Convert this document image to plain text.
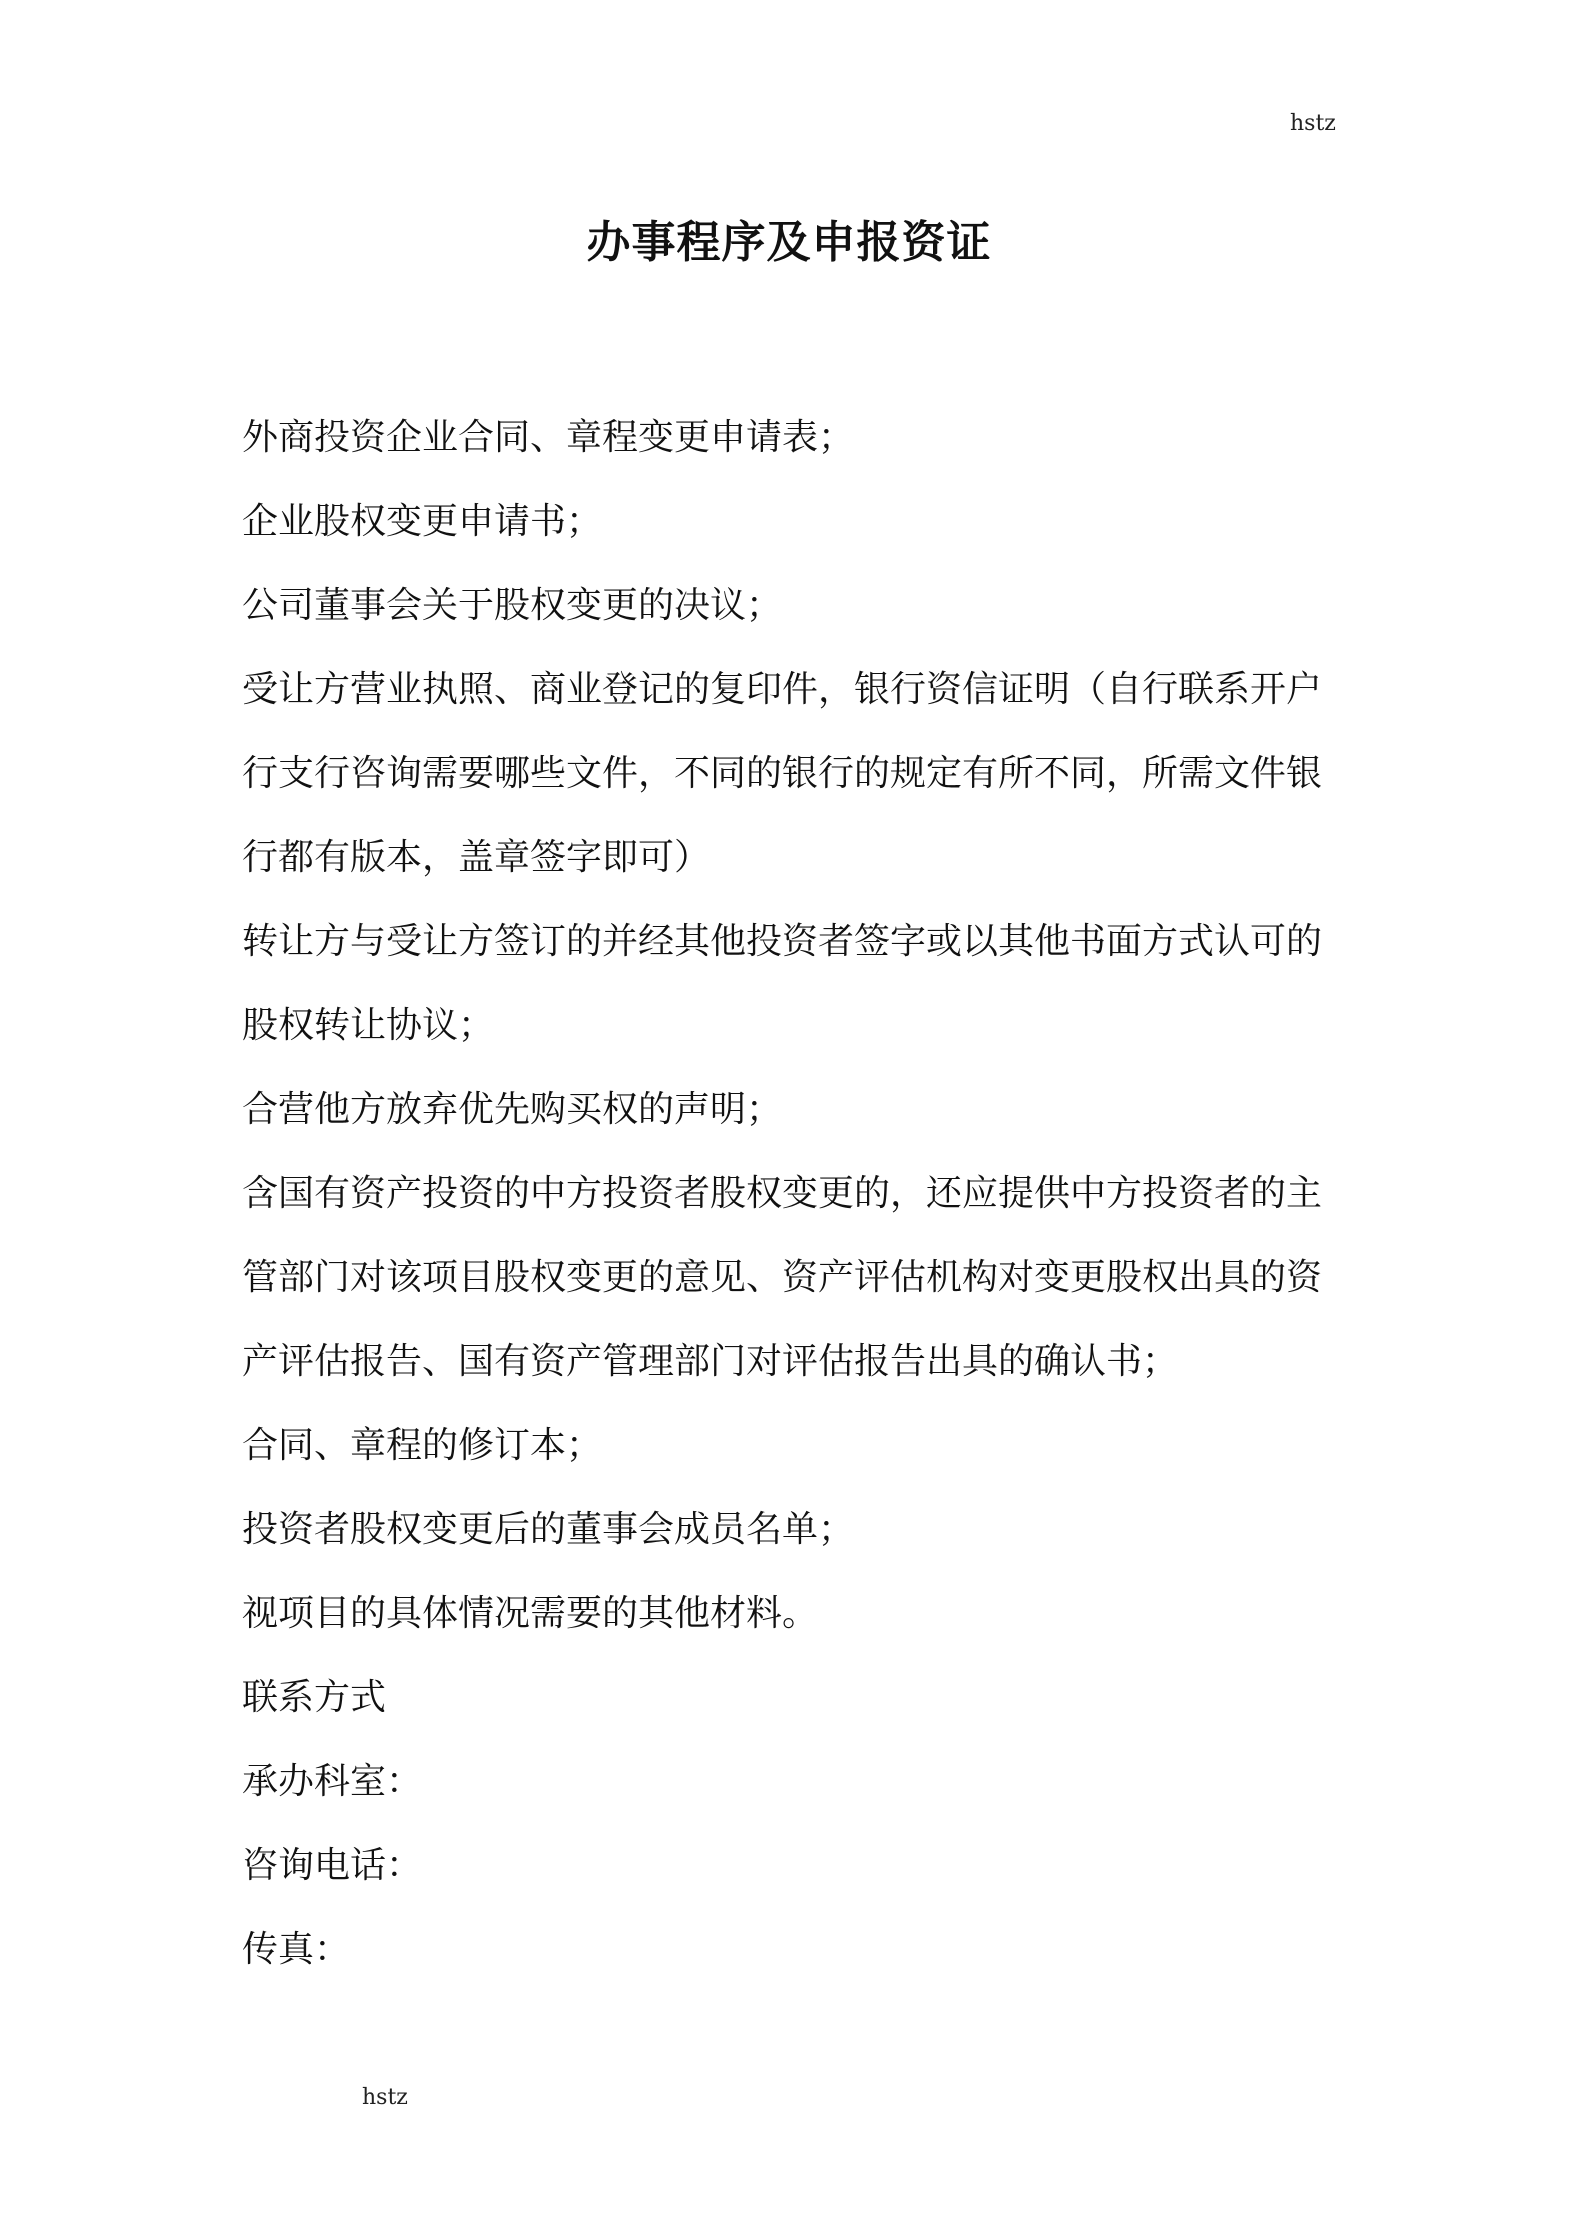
hstz
办事程序及申报资证
外商投资企业合同、章程变更申请表；
企业股权变更申请书；
公司董事会关于股权变更的决议；
受让方营业执照、商业登记的复印件，银行资信证明（自行联系开户行支行咨询需要哪些文件，不同的银行的规定有所不同，所需文件银行都有版本，盖章签字即可）
转让方与受让方签订的并经其他投资者签字或以其他书面方式认可的股权转让协议；
合营他方放弃优先购买权的声明；
含国有资产投资的中方投资者股权变更的，还应提供中方投资者的主管部门对该项目股权变更的意见、资产评估机构对变更股权出具的资产评估报告、国有资产管理部门对评估报告出具的确认书；
合同、章程的修订本；
投资者股权变更后的董事会成员名单；
视项目的具体情况需要的其他材料。
联系方式
承办科室：
咨询电话：
传真：
hstz
